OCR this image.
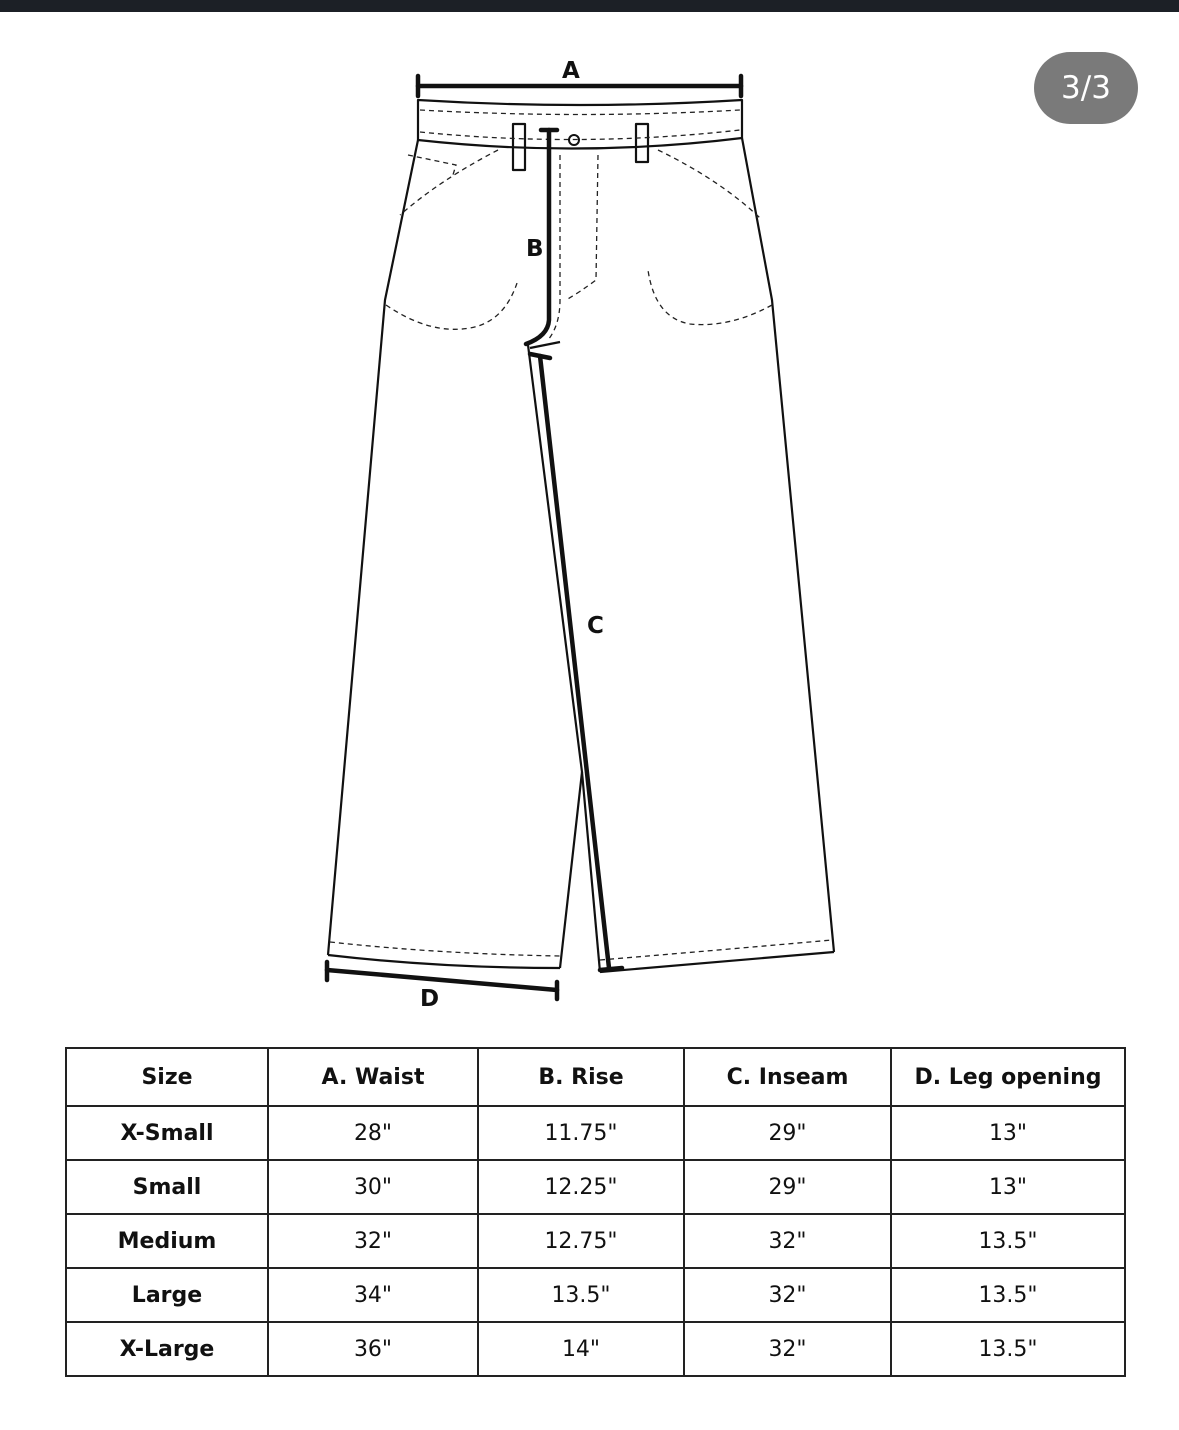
3/3
A
B
C
D
Size	A. Waist	B. Rise	C. Inseam	D. Leg opening
X-Small	28"	11.75"	29"	13"
Small	30"	12.25"	29"	13"
Medium	32"	12.75"	32"	13.5"
Large	34"	13.5"	32"	13.5"
X-Large	36"	14"	32"	13.5"
